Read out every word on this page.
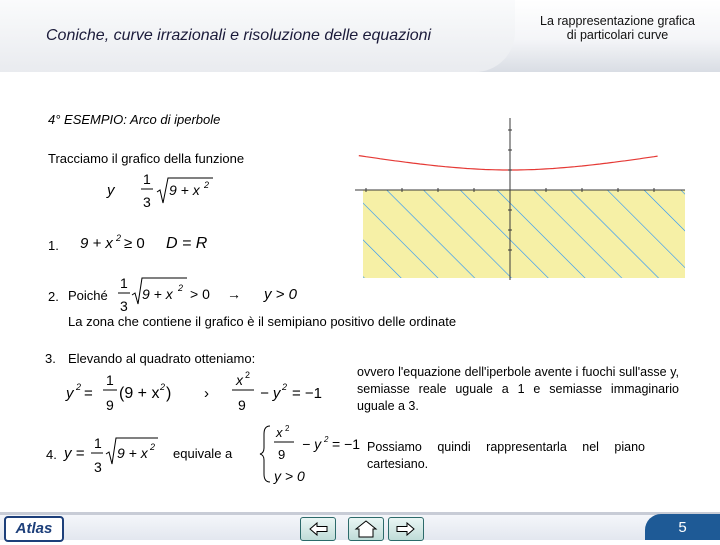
Coniche, curve irrazionali e risoluzione delle equazioni
La rappresentazione grafica
di particolari curve
4° ESEMPIO: Arco di iperbole
Tracciamo il grafico della funzione
y
1
3
9 + x 2
1. 9 + x 2 ≥ 0 D = R
2. Poiché
1
3
9 + x 2 > 0 → y > 0
La zona che contiene il grafico è il semipiano positivo delle ordinate
3. Elevando al quadrato otteniamo:
y 2 =
1
9
(9 + x 2 ) ›
x 2
9
− y 2 = −1
ovvero l'equazione dell'iperbole avente i fuochi sull'asse y, semiasse reale uguale a 1 e semiasse immaginario uguale a 3.
4. y =
1
3
9 + x 2 equivale a
x 2
9
− y 2 = −1
y > 0
Possiamo quindi rappresentarla nel piano cartesiano.
Atlas	5
